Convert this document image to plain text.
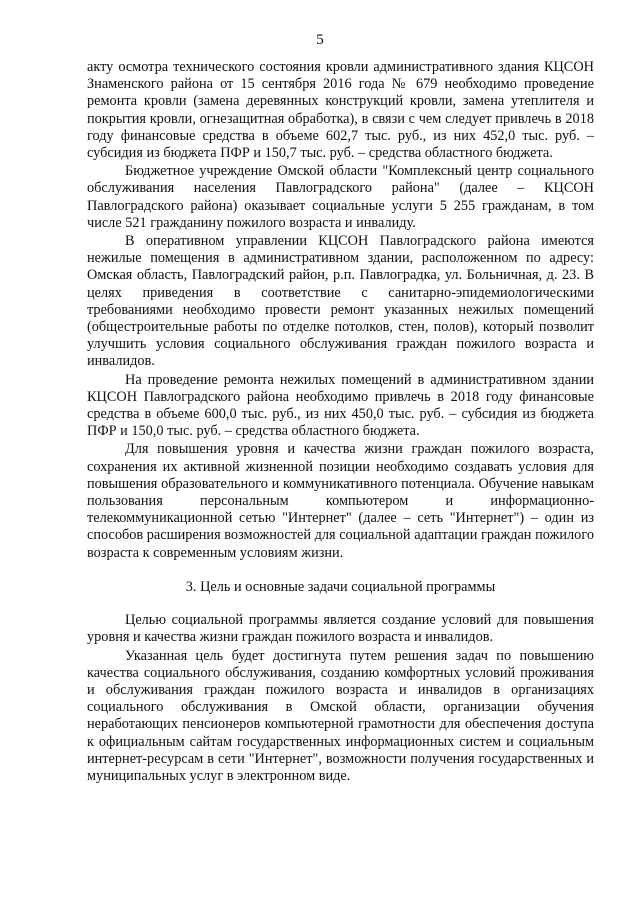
5

акту осмотра технического состояния кровли административного здания КЦСОН Знаменского района от 15 сентября 2016 года № 679 необходимо проведение ремонта кровли (замена деревянных конструкций кровли, замена утеплителя и покрытия кровли, огнезащитная обработка), в связи с чем следует привлечь в 2018 году финансовые средства в объеме 602,7 тыс. руб., из них 452,0 тыс. руб. – субсидия из бюджета ПФР и 150,7 тыс. руб. – средства областного бюджета.

Бюджетное учреждение Омской области "Комплексный центр социального обслуживания населения Павлоградского района" (далее – КЦСОН Павлоградского района) оказывает социальные услуги 5 255 гражданам, в том числе 521 гражданину пожилого возраста и инвалиду.

В оперативном управлении КЦСОН Павлоградского района имеются нежилые помещения в административном здании, расположенном по адресу: Омская область, Павлоградский район, р.п. Павлоградка, ул. Больничная, д. 23. В целях приведения в соответствие с санитарно-эпидемиологическими требованиями необходимо провести ремонт указанных нежилых помещений (общестроительные работы по отделке потолков, стен, полов), который позволит улучшить условия социального обслуживания граждан пожилого возраста и инвалидов.

На проведение ремонта нежилых помещений в административном здании КЦСОН Павлоградского района необходимо привлечь в 2018 году финансовые средства в объеме 600,0 тыс. руб., из них 450,0 тыс. руб. – субсидия из бюджета ПФР и 150,0 тыс. руб. – средства областного бюджета.

Для повышения уровня и качества жизни граждан пожилого возраста, сохранения их активной жизненной позиции необходимо создавать условия для повышения образовательного и коммуникативного потенциала. Обучение навыкам пользования персональным компьютером и информационно-телекоммуникационной сетью "Интернет" (далее – сеть "Интернет") – один из способов расширения возможностей для социальной адаптации граждан пожилого возраста к современным условиям жизни.

3. Цель и основные задачи социальной программы

Целью социальной программы является создание условий для повышения уровня и качества жизни граждан пожилого возраста и инвалидов.

Указанная цель будет достигнута путем решения задач по повышению качества социального обслуживания, созданию комфортных условий проживания и обслуживания граждан пожилого возраста и инвалидов в организациях социального обслуживания в Омской области, организации обучения неработающих пенсионеров компьютерной грамотности для обеспечения доступа к официальным сайтам государственных информационных систем и социальным интернет-ресурсам в сети "Интернет", возможности получения государственных и муниципальных услуг в электронном виде.
